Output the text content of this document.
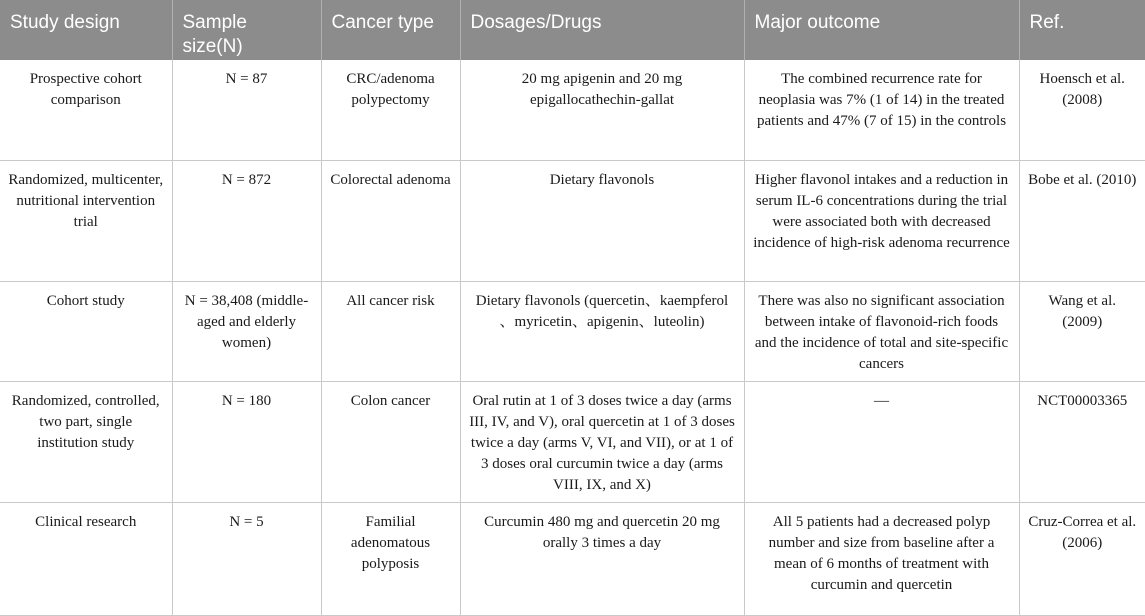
Study design	Sample size(N)	Cancer type	Dosages/Drugs	Major outcome	Ref.
Prospective cohort comparison	N = 87	CRC/adenoma polypectomy	20 mg apigenin and 20 mg epigallocathechin-gallat	The combined recurrence rate for neoplasia was 7% (1 of 14) in the treated patients and 47% (7 of 15) in the controls	Hoensch et al. (2008)
Randomized, multicenter, nutritional intervention trial	N = 872	Colorectal adenoma	Dietary flavonols	Higher flavonol intakes and a reduction in serum IL-6 concentrations during the trial were associated both with decreased incidence of high-risk adenoma recurrence	Bobe et al. (2010)
Cohort study	N = 38,408 (middle-aged and elderly women)	All cancer risk	Dietary flavonols (quercetin、kaempferol 、myricetin、apigenin、luteolin)	There was also no significant association between intake of flavonoid-rich foods and the incidence of total and site-specific cancers	Wang et al. (2009)
Randomized, controlled, two part, single institution study	N = 180	Colon cancer	Oral rutin at 1 of 3 doses twice a day (arms III, IV, and V), oral quercetin at 1 of 3 doses twice a day (arms V, VI, and VII), or at 1 of 3 doses oral curcumin twice a day (arms VIII, IX, and X)	—	NCT00003365
Clinical research	N = 5	Familial adenomatous polyposis	Curcumin 480 mg and quercetin 20 mg orally 3 times a day	All 5 patients had a decreased polyp number and size from baseline after a mean of 6 months of treatment with curcumin and quercetin	Cruz-Correa et al. (2006)
